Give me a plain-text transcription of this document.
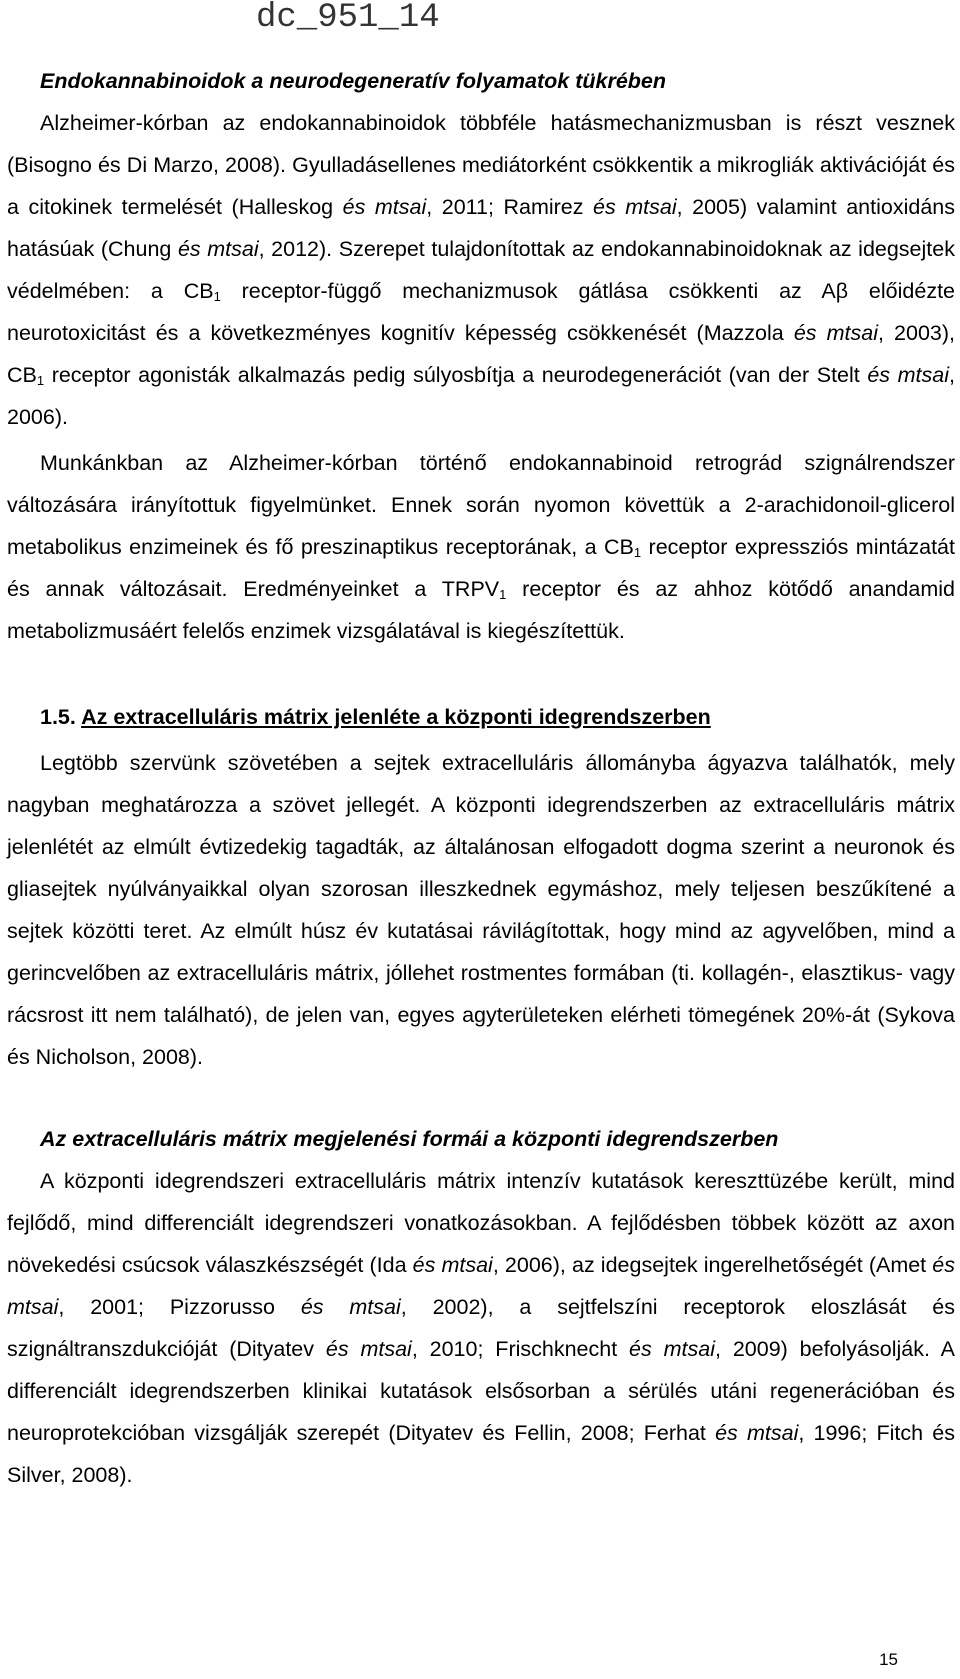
dc_951_14

Endokannabinoidok a neurodegeneratív folyamatok tükrében

Alzheimer-kórban az endokannabinoidok többféle hatásmechanizmusban is részt vesznek (Bisogno és Di Marzo, 2008). Gyulladásellenes mediátorként csökkentik a mikrogliák aktivációját és a citokinek termelését (Halleskog és mtsai, 2011; Ramirez és mtsai, 2005) valamint antioxidáns hatásúak (Chung és mtsai, 2012). Szerepet tulajdonítottak az endokannabinoidoknak az idegsejtek védelmében: a $CB_1$ receptor-függő mechanizmusok gátlása csökkenti az Aβ előidézte neurotoxicitást és a következményes kognitív képesség csökkenését (Mazzola és mtsai, 2003), $CB_1$ receptor agonisták alkalmazás pedig súlyosbítja a neurodegenerációt (van der Stelt és mtsai, 2006).

Munkánkban az Alzheimer-kórban történő endokannabinoid retrográd szignálrendszer változására irányítottuk figyelmünket. Ennek során nyomon követtük a 2-arachidonoil-glicerol metabolikus enzimeinek és fő preszinaptikus receptorának, a $CB_1$ receptor expressziós mintázatát és annak változásait. Eredményeinket a $TRPV_1$ receptor és az ahhoz kötődő anandamid metabolizmusáért felelős enzimek vizsgálatával is kiegészítettük.

1.5. Az extracelluláris mátrix jelenléte a központi idegrendszerben

Legtöbb szervünk szövetében a sejtek extracelluláris állományba ágyazva találhatók, mely nagyban meghatározza a szövet jellegét. A központi idegrendszerben az extracelluláris mátrix jelenlétét az elmúlt évtizedekig tagadták, az általánosan elfogadott dogma szerint a neuronok és gliasejtek nyúlványaikkal olyan szorosan illeszkednek egymáshoz, mely teljesen beszűkítené a sejtek közötti teret. Az elmúlt húsz év kutatásai rávilágítottak, hogy mind az agyvelőben, mind a gerincvelőben az extracelluláris mátrix, jóllehet rostmentes formában (ti. kollagén-, elasztikus- vagy rácsrost itt nem található), de jelen van, egyes agyterületeken elérheti tömegének 20%-át (Sykova és Nicholson, 2008).

Az extracelluláris mátrix megjelenési formái a központi idegrendszerben

A központi idegrendszeri extracelluláris mátrix intenzív kutatások kereszttüzébe került, mind fejlődő, mind differenciált idegrendszeri vonatkozásokban. A fejlődésben többek között az axon növekedési csúcsok válaszkészségét (Ida és mtsai, 2006), az idegsejtek ingerelhetőségét (Amet és mtsai, 2001; Pizzorusso és mtsai, 2002), a sejtfelszíni receptorok eloszlását és szignáltranszdukcióját (Dityatev és mtsai, 2010; Frischknecht és mtsai, 2009) befolyásolják. A differenciált idegrendszerben klinikai kutatások elsősorban a sérülés utáni regenerációban és neuroprotekcióban vizsgálják szerepét (Dityatev és Fellin, 2008; Ferhat és mtsai, 1996; Fitch és Silver, 2008).

15
